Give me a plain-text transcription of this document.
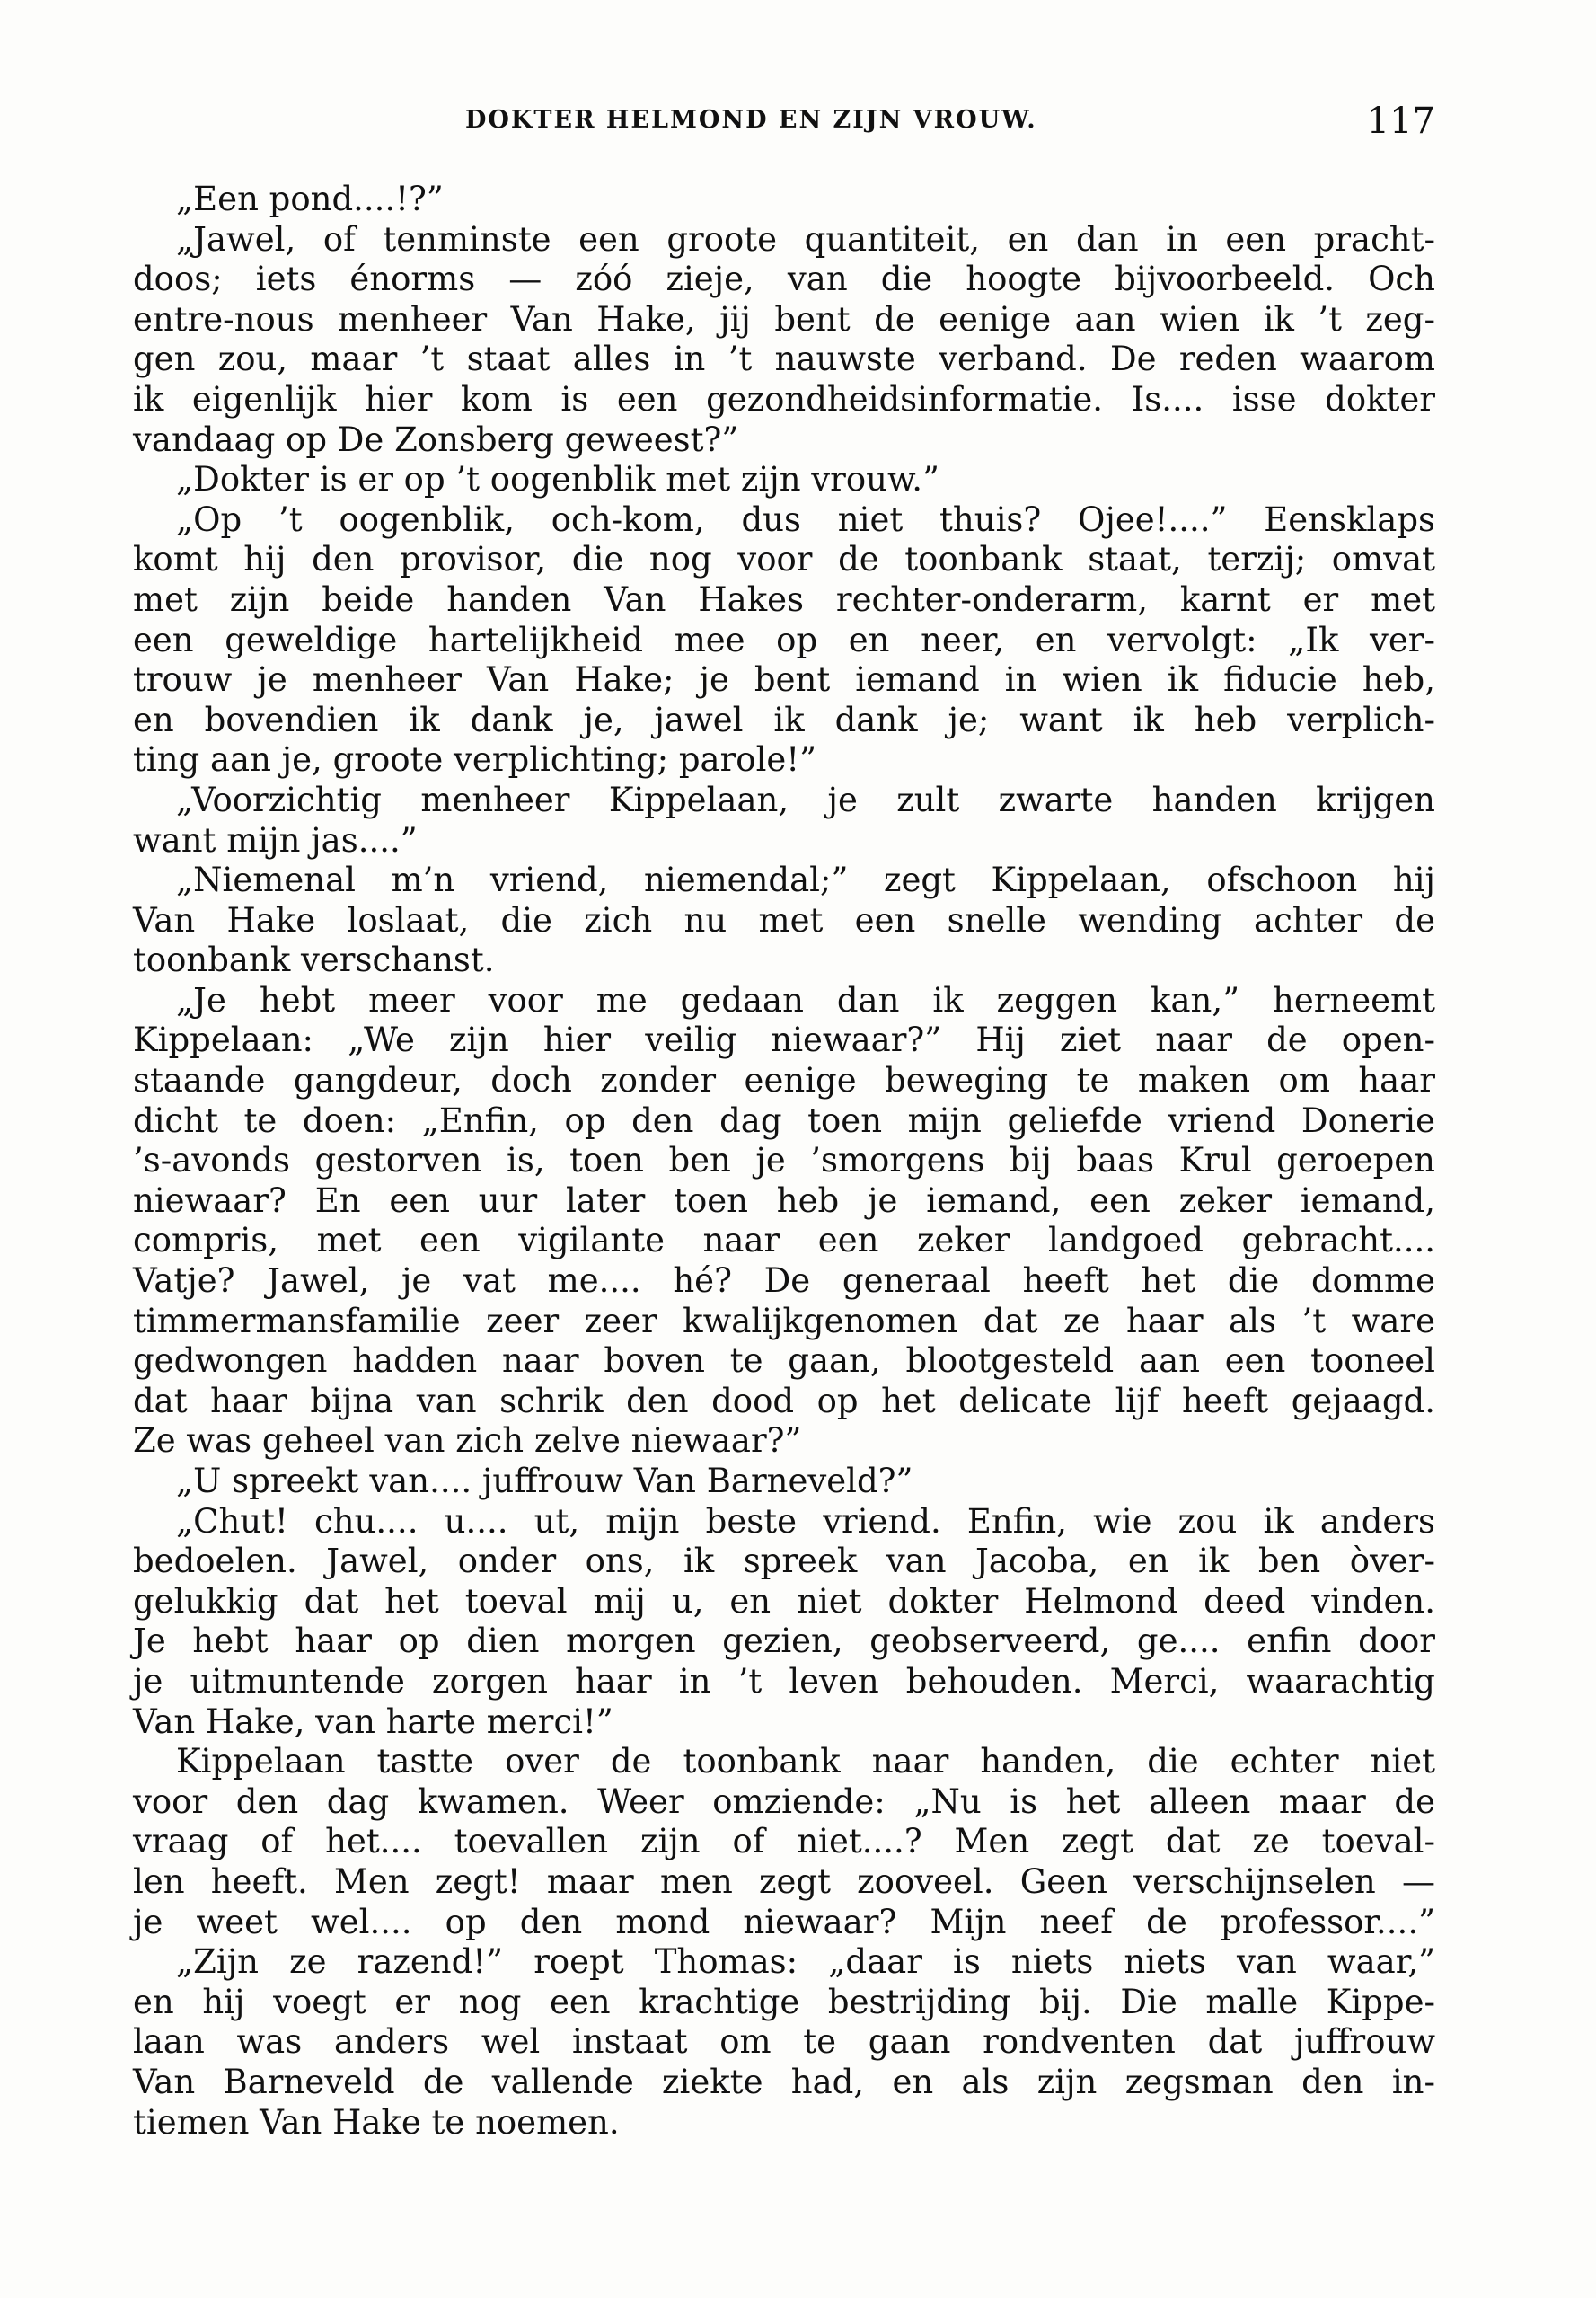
DOKTER HELMOND EN ZIJN VROUW.	117
„Een pond....!?”
„Jawel, of tenminste een groote quantiteit, en dan in een pracht-
doos; iets énorms — zóó zieje, van die hoogte bijvoorbeeld. Och
entre-nous menheer Van Hake, jij bent de eenige aan wien ik ’t zeg-
gen zou, maar ’t staat alles in ’t nauwste verband. De reden waarom
ik eigenlijk hier kom is een gezondheidsinformatie. Is.... isse dokter
vandaag op De Zonsberg geweest?”
„Dokter is er op ’t oogenblik met zijn vrouw.”
„Op ’t oogenblik, och-kom, dus niet thuis? Ojee!....” Eensklaps
komt hij den provisor, die nog voor de toonbank staat, terzij; omvat
met zijn beide handen Van Hakes rechter-onderarm, karnt er met
een geweldige hartelijkheid mee op en neer, en vervolgt: „Ik ver-
trouw je menheer Van Hake; je bent iemand in wien ik fiducie heb,
en bovendien ik dank je, jawel ik dank je; want ik heb verplich-
ting aan je, groote verplichting; parole!”
„Voorzichtig menheer Kippelaan, je zult zwarte handen krijgen
want mijn jas....”
„Niemenal m’n vriend, niemendal;” zegt Kippelaan, ofschoon hij
Van Hake loslaat, die zich nu met een snelle wending achter de
toonbank verschanst.
„Je hebt meer voor me gedaan dan ik zeggen kan,” herneemt
Kippelaan: „We zijn hier veilig niewaar?” Hij ziet naar de open-
staande gangdeur, doch zonder eenige beweging te maken om haar
dicht te doen: „Enfin, op den dag toen mijn geliefde vriend Donerie
’s-avonds gestorven is, toen ben je ’smorgens bij baas Krul geroepen
niewaar? En een uur later toen heb je iemand, een zeker iemand,
compris, met een vigilante naar een zeker landgoed gebracht....
Vatje? Jawel, je vat me.... hé? De generaal heeft het die domme
timmermansfamilie zeer zeer kwalijkgenomen dat ze haar als ’t ware
gedwongen hadden naar boven te gaan, blootgesteld aan een tooneel
dat haar bijna van schrik den dood op het delicate lijf heeft gejaagd.
Ze was geheel van zich zelve niewaar?”
„U spreekt van.... juffrouw Van Barneveld?”
„Chut! chu.... u.... ut, mijn beste vriend. Enfin, wie zou ik anders
bedoelen. Jawel, onder ons, ik spreek van Jacoba, en ik ben òver-
gelukkig dat het toeval mij u, en niet dokter Helmond deed vinden.
Je hebt haar op dien morgen gezien, geobserveerd, ge.... enfin door
je uitmuntende zorgen haar in ’t leven behouden. Merci, waarachtig
Van Hake, van harte merci!”
Kippelaan tastte over de toonbank naar handen, die echter niet
voor den dag kwamen. Weer omziende: „Nu is het alleen maar de
vraag of het.... toevallen zijn of niet....? Men zegt dat ze toeval-
len heeft. Men zegt! maar men zegt zooveel. Geen verschijnselen —
je weet wel.... op den mond niewaar? Mijn neef de professor....”
„Zijn ze razend!” roept Thomas: „daar is niets niets van waar,”
en hij voegt er nog een krachtige bestrijding bij. Die malle Kippe-
laan was anders wel instaat om te gaan rondventen dat juffrouw
Van Barneveld de vallende ziekte had, en als zijn zegsman den in-
tiemen Van Hake te noemen.
